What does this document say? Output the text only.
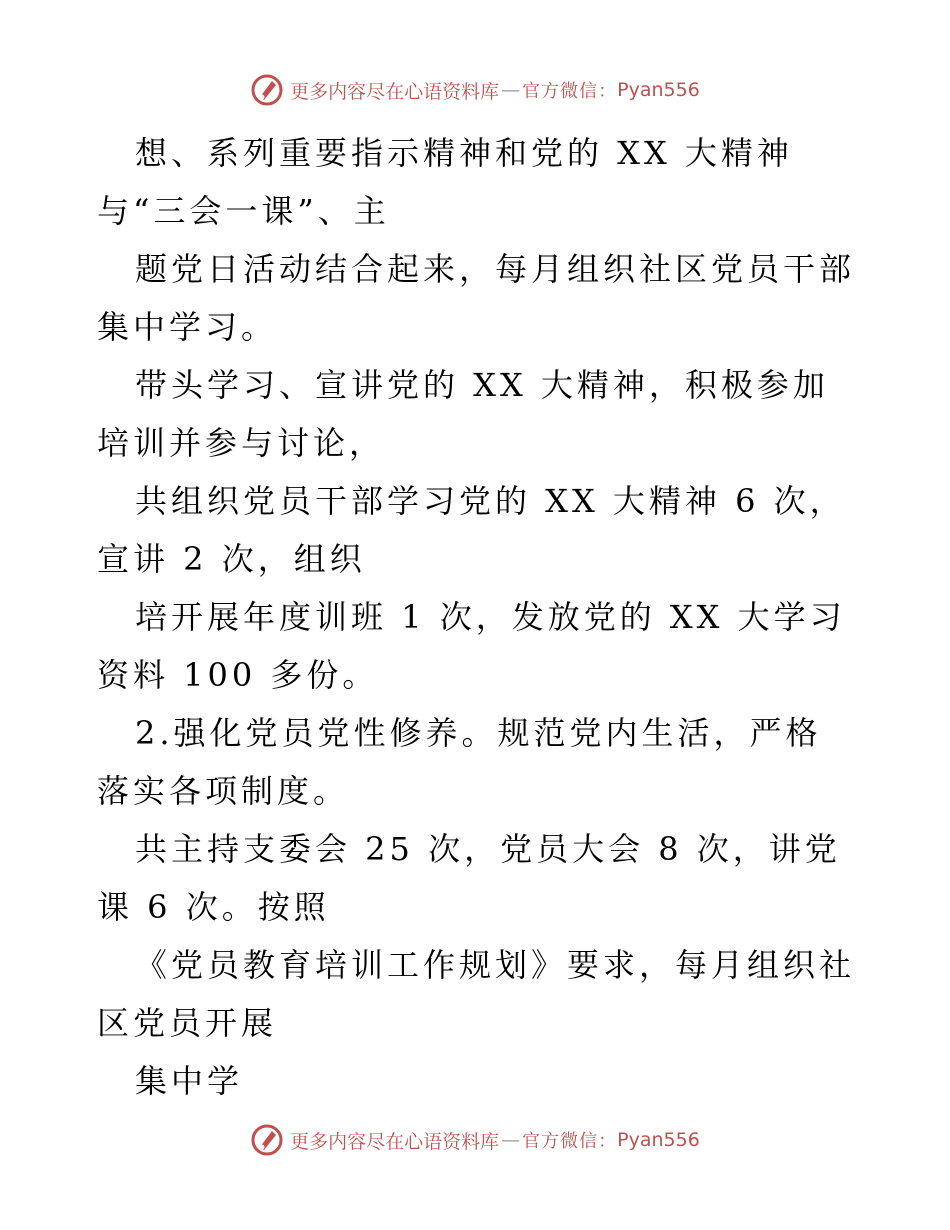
更多内容尽在心语资料库 — 官方微信： Pyan556

想、系列重要指示精神和党的 XX 大精神与“三会一课”、主

题党日活动结合起来，每月组织社区党员干部集中学习。

带头学习、宣讲党的 XX 大精神，积极参加培训并参与讨论，

共组织党员干部学习党的 XX 大精神 6 次，宣讲 2 次，组织

培开展年度训班 1 次，发放党的 XX 大学习资料 100 多份。

2.强化党员党性修养。规范党内生活，严格落实各项制度。

共主持支委会 25 次，党员大会 8 次，讲党课 6 次。按照

《党员教育培训工作规划》要求，每月组织社区党员开展

集中学

更多内容尽在心语资料库 — 官方微信： Pyan556
